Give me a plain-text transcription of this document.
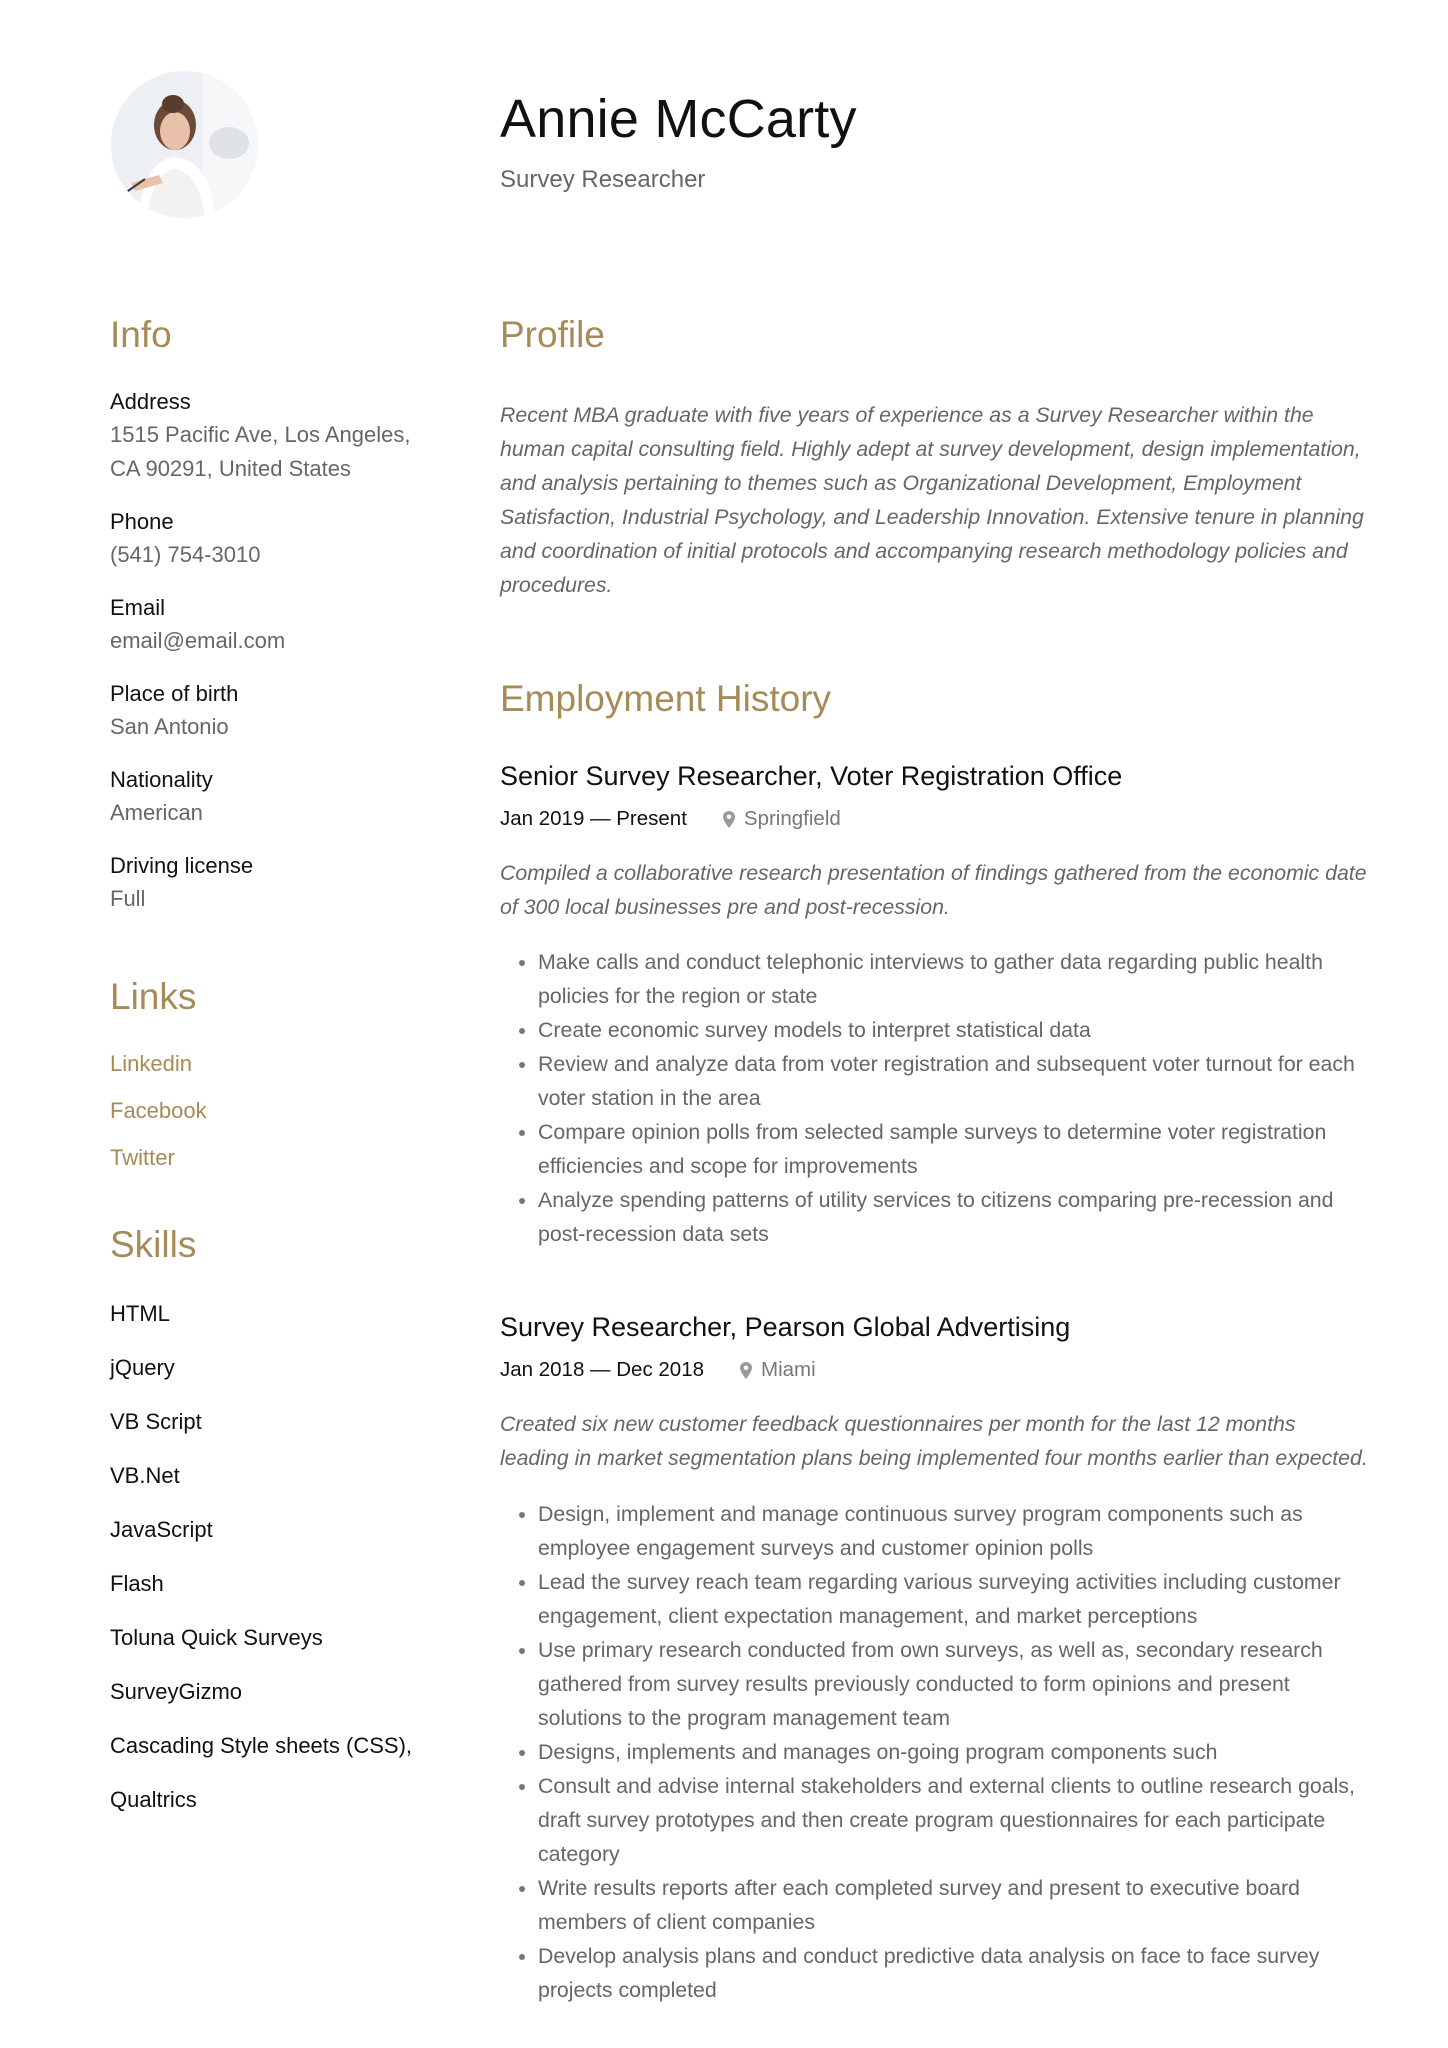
Annie McCarty

Survey Researcher

Info
Address
1515 Pacific Ave, Los Angeles,
CA 90291, United States
Phone
(541) 754-3010
Email
email@email.com
Place of birth
San Antonio
Nationality
American
Driving license
Full
Links
Linkedin
Facebook
Twitter
Skills
HTML
jQuery
VB Script
VB.Net
JavaScript
Flash
Toluna Quick Surveys
SurveyGizmo
Cascading Style sheets (CSS),
Qualtrics
Profile

Recent MBA graduate with five years of experience as a Survey Researcher within the human capital consulting field. Highly adept at survey development, design implementation, and analysis pertaining to themes such as Organizational Development, Employment Satisfaction, Industrial Psychology, and Leadership Innovation. Extensive tenure in planning and coordination of initial protocols and accompanying research methodology policies and procedures.

Employment History
Senior Survey Researcher, Voter Registration Office
Jan 2019 — Present	Springfield

Compiled a collaborative research presentation of findings gathered from the economic date of 300 local businesses pre and post-recession.

• Make calls and conduct telephonic interviews to gather data regarding public health policies for the region or state
• Create economic survey models to interpret statistical data
• Review and analyze data from voter registration and subsequent voter turnout for each voter station in the area
• Compare opinion polls from selected sample surveys to determine voter registration efficiencies and scope for improvements
• Analyze spending patterns of utility services to citizens comparing pre-recession and post-recession data sets
Survey Researcher, Pearson Global Advertising
Jan 2018 — Dec 2018	Miami

Created six new customer feedback questionnaires per month for the last 12 months leading in market segmentation plans being implemented four months earlier than expected.

• Design, implement and manage continuous survey program components such as employee engagement surveys and customer opinion polls
• Lead the survey reach team regarding various surveying activities including customer engagement, client expectation management, and market perceptions
• Use primary research conducted from own surveys, as well as, secondary research gathered from survey results previously conducted to form opinions and present solutions to the program management team
• Designs, implements and manages on-going program components such
• Consult and advise internal stakeholders and external clients to outline research goals, draft survey prototypes and then create program questionnaires for each participate category
• Write results reports after each completed survey and present to executive board members of client companies
• Develop analysis plans and conduct predictive data analysis on face to face survey projects completed
